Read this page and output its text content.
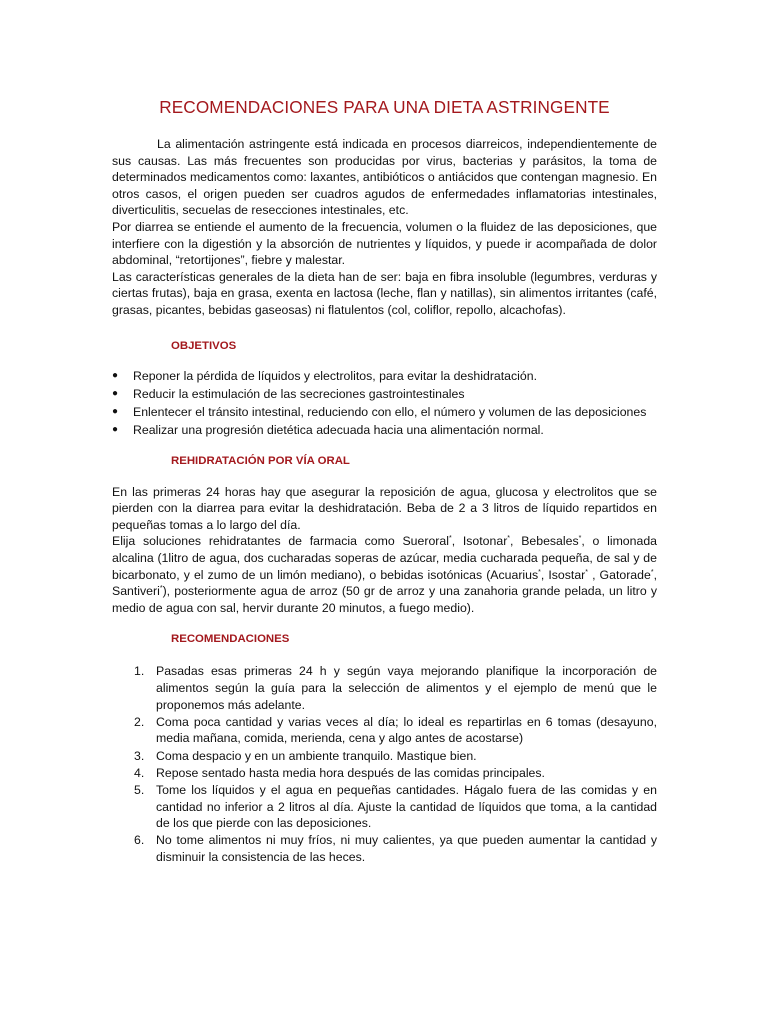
RECOMENDACIONES PARA UNA DIETA ASTRINGENTE

La alimentación astringente está indicada en procesos diarreicos, independientemente de sus causas. Las más frecuentes son producidas por virus, bacterias y parásitos, la toma de determinados medicamentos como: laxantes, antibióticos o antiácidos que contengan magnesio. En otros casos, el origen pueden ser cuadros agudos de enfermedades inflamatorias intestinales, diverticulitis, secuelas de resecciones intestinales, etc.

Por diarrea se entiende el aumento de la frecuencia, volumen o la fluidez de las deposiciones, que interfiere con la digestión y la absorción de nutrientes y líquidos, y puede ir acompañada de dolor abdominal, “retortijones”, fiebre y malestar.

Las características generales de la dieta han de ser: baja en fibra insoluble (legumbres, verduras y ciertas frutas), baja en grasa, exenta en lactosa (leche, flan y natillas), sin alimentos irritantes (café, grasas, picantes, bebidas gaseosas) ni flatulentos (col, coliflor, repollo, alcachofas).

OBJETIVOS
● Reponer la pérdida de líquidos y electrolitos, para evitar la deshidratación.
● Reducir la estimulación de las secreciones gastrointestinales
● Enlentecer el tránsito intestinal, reduciendo con ello, el número y volumen de las deposiciones
● Realizar una progresión dietética adecuada hacia una alimentación normal.
REHIDRATACIÓN POR VÍA ORAL

En las primeras 24 horas hay que asegurar la reposición de agua, glucosa y electrolitos que se pierden con la diarrea para evitar la deshidratación. Beba de 2 a 3 litros de líquido repartidos en pequeñas tomas a lo largo del día.

Elija soluciones rehidratantes de farmacia como Sueroral*, Isotonar*, Bebesales*, o limonada alcalina (1litro de agua, dos cucharadas soperas de azúcar, media cucharada pequeña, de sal y de bicarbonato, y el zumo de un limón mediano), o bebidas isotónicas (Acuarius*, Isostar* , Gatorade*, Santiveri*), posteriormente agua de arroz (50 gr de arroz y una zanahoria grande pelada, un litro y medio de agua con sal, hervir durante 20 minutos, a fuego medio).

RECOMENDACIONES
1. Pasadas esas primeras 24 h y según vaya mejorando planifique la incorporación de alimentos según la guía para la selección de alimentos y el ejemplo de menú que le proponemos más adelante.
2. Coma poca cantidad y varias veces al día; lo ideal es repartirlas en 6 tomas (desayuno, media mañana, comida, merienda, cena y algo antes de acostarse)
3. Coma despacio y en un ambiente tranquilo. Mastique bien.
4. Repose sentado hasta media hora después de las comidas principales.
5. Tome los líquidos y el agua en pequeñas cantidades. Hágalo fuera de las comidas y en cantidad no inferior a 2 litros al día. Ajuste la cantidad de líquidos que toma, a la cantidad de los que pierde con las deposiciones.
6. No tome alimentos ni muy fríos, ni muy calientes, ya que pueden aumentar la cantidad y disminuir la consistencia de las heces.
